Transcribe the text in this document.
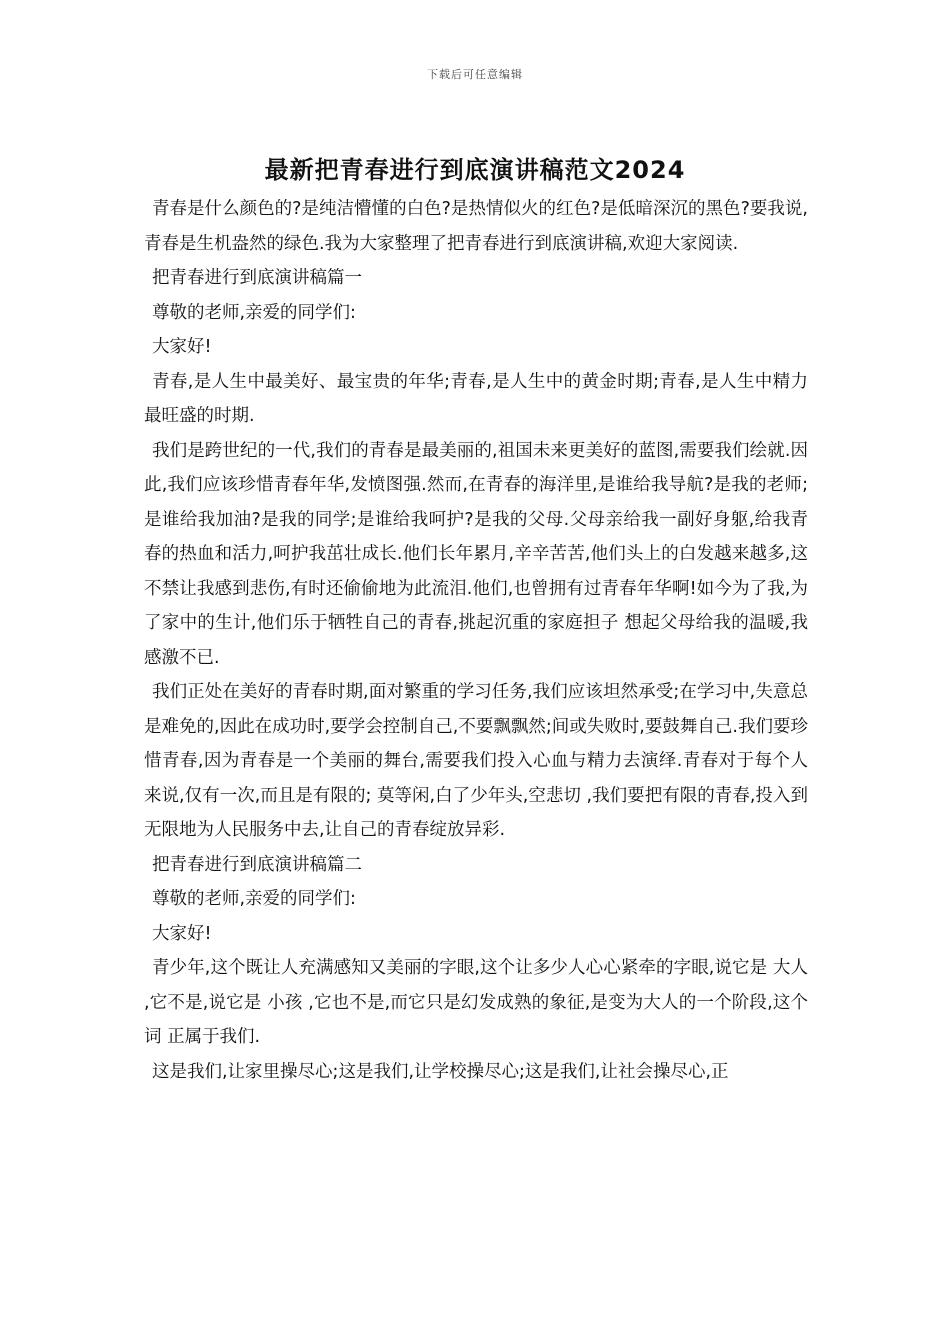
下载后可任意编辑
最新把青春进行到底演讲稿范文2024

青春是什么颜色的?是纯洁懵懂的白色?是热情似火的红色?是低暗深沉的黑色?要我说,青春是生机盎然的绿色.我为大家整理了把青春进行到底演讲稿,欢迎大家阅读.

把青春进行到底演讲稿篇一

尊敬的老师,亲爱的同学们:

大家好!

青春,是人生中最美好、最宝贵的年华;青春,是人生中的黄金时期;青春,是人生中精力最旺盛的时期.

我们是跨世纪的一代,我们的青春是最美丽的,祖国未来更美好的蓝图,需要我们绘就.因此,我们应该珍惜青春年华,发愤图强.然而,在青春的海洋里,是谁给我导航?是我的老师;是谁给我加油?是我的同学;是谁给我呵护?是我的父母.父母亲给我一副好身躯,给我青春的热血和活力,呵护我茁壮成长.他们长年累月,辛辛苦苦,他们头上的白发越来越多,这不禁让我感到悲伤,有时还偷偷地为此流泪.他们,也曾拥有过青春年华啊!如今为了我,为了家中的生计,他们乐于牺牲自己的青春,挑起沉重的家庭担子 想起父母给我的温暖,我感激不已.

我们正处在美好的青春时期,面对繁重的学习任务,我们应该坦然承受;在学习中,失意总是难免的,因此在成功时,要学会控制自己,不要飘飘然;间或失败时,要鼓舞自己.我们要珍惜青春,因为青春是一个美丽的舞台,需要我们投入心血与精力去演绎.青春对于每个人来说,仅有一次,而且是有限的; 莫等闲,白了少年头,空悲切 ,我们要把有限的青春,投入到无限地为人民服务中去,让自己的青春绽放异彩.

把青春进行到底演讲稿篇二

尊敬的老师,亲爱的同学们:

大家好!

青少年,这个既让人充满感知又美丽的字眼,这个让多少人心心紧牵的字眼,说它是 大人 ,它不是,说它是 小孩 ,它也不是,而它只是幻发成熟的象征,是变为大人的一个阶段,这个 词 正属于我们.

这是我们,让家里操尽心;这是我们,让学校操尽心;这是我们,让社会操尽心,正
